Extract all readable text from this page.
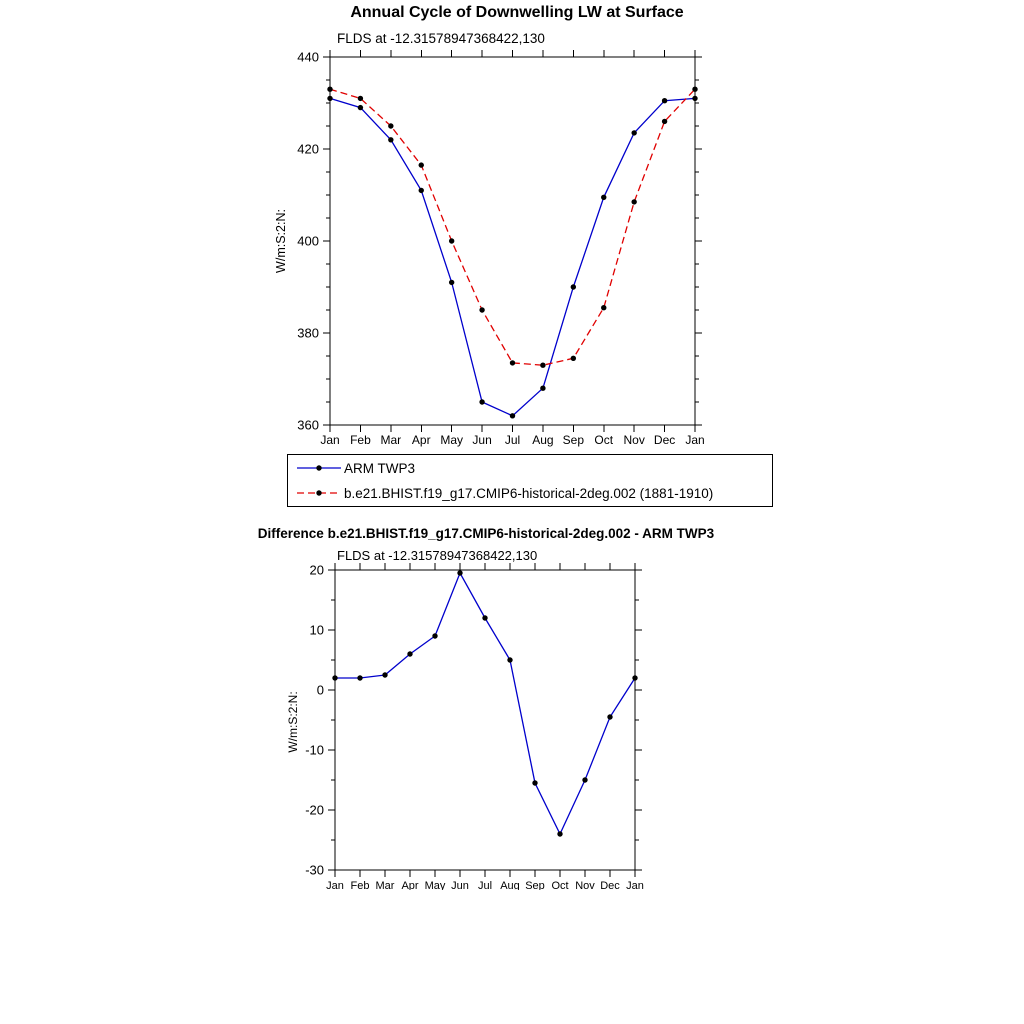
Annual Cycle of Downwelling LW at Surface
FLDS at -12.31578947368422,130
W/m:S:2:N:
360
380
400
420
440
Jan Feb Mar Apr May Jun Jul Aug Sep Oct Nov Dec Jan
ARM TWP3
b.e21.BHIST.f19_g17.CMIP6-historical-2deg.002 (1881-1910)
Difference b.e21.BHIST.f19_g17.CMIP6-historical-2deg.002 - ARM TWP3
FLDS at -12.31578947368422,130
W/m:S:2:N:
-30
-20
-10
0
10
20
Jan Feb Mar Apr May Jun Jul Aug Sep Oct Nov Dec Jan
